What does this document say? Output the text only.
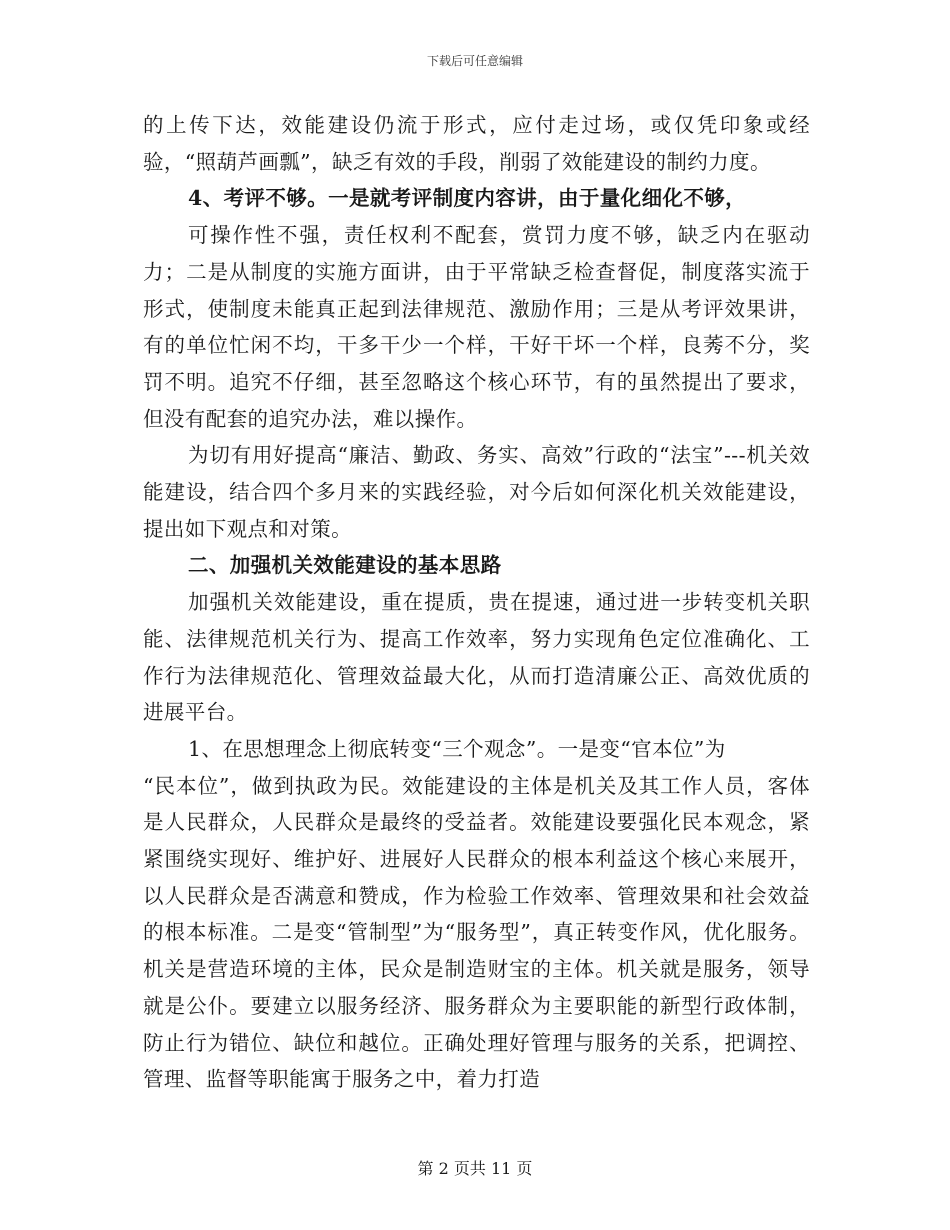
下载后可任意编辑

的上传下达，效能建设仍流于形式，应付走过场，或仅凭印象或经验，“照葫芦画瓢”，缺乏有效的手段，削弱了效能建设的制约力度。

4、考评不够。一是就考评制度内容讲，由于量化细化不够，

可操作性不强，责任权利不配套，赏罚力度不够，缺乏内在驱动力；二是从制度的实施方面讲，由于平常缺乏检查督促，制度落实流于形式，使制度未能真正起到法律规范、激励作用；三是从考评效果讲，有的单位忙闲不均，干多干少一个样，干好干坏一个样，良莠不分，奖罚不明。追究不仔细，甚至忽略这个核心环节，有的虽然提出了要求，但没有配套的追究办法，难以操作。

为切有用好提高“廉洁、勤政、务实、高效”行政的“法宝”---机关效能建设，结合四个多月来的实践经验，对今后如何深化机关效能建设，提出如下观点和对策。

二、加强机关效能建设的基本思路

加强机关效能建设，重在提质，贵在提速，通过进一步转变机关职能、法律规范机关行为、提高工作效率，努力实现角色定位准确化、工作行为法律规范化、管理效益最大化，从而打造清廉公正、高效优质的进展平台。

1、在思想理念上彻底转变“三个观念”。一是变“官本位”为

“民本位”，做到执政为民。效能建设的主体是机关及其工作人员，客体是人民群众，人民群众是最终的受益者。效能建设要强化民本观念，紧紧围绕实现好、维护好、进展好人民群众的根本利益这个核心来展开，以人民群众是否满意和赞成，作为检验工作效率、管理效果和社会效益的根本标准。二是变“管制型”为“服务型”，真正转变作风，优化服务。机关是营造环境的主体，民众是制造财宝的主体。机关就是服务，领导就是公仆。要建立以服务经济、服务群众为主要职能的新型行政体制，防止行为错位、缺位和越位。正确处理好管理与服务的关系，把调控、管理、监督等职能寓于服务之中，着力打造

第 2 页共 11 页
